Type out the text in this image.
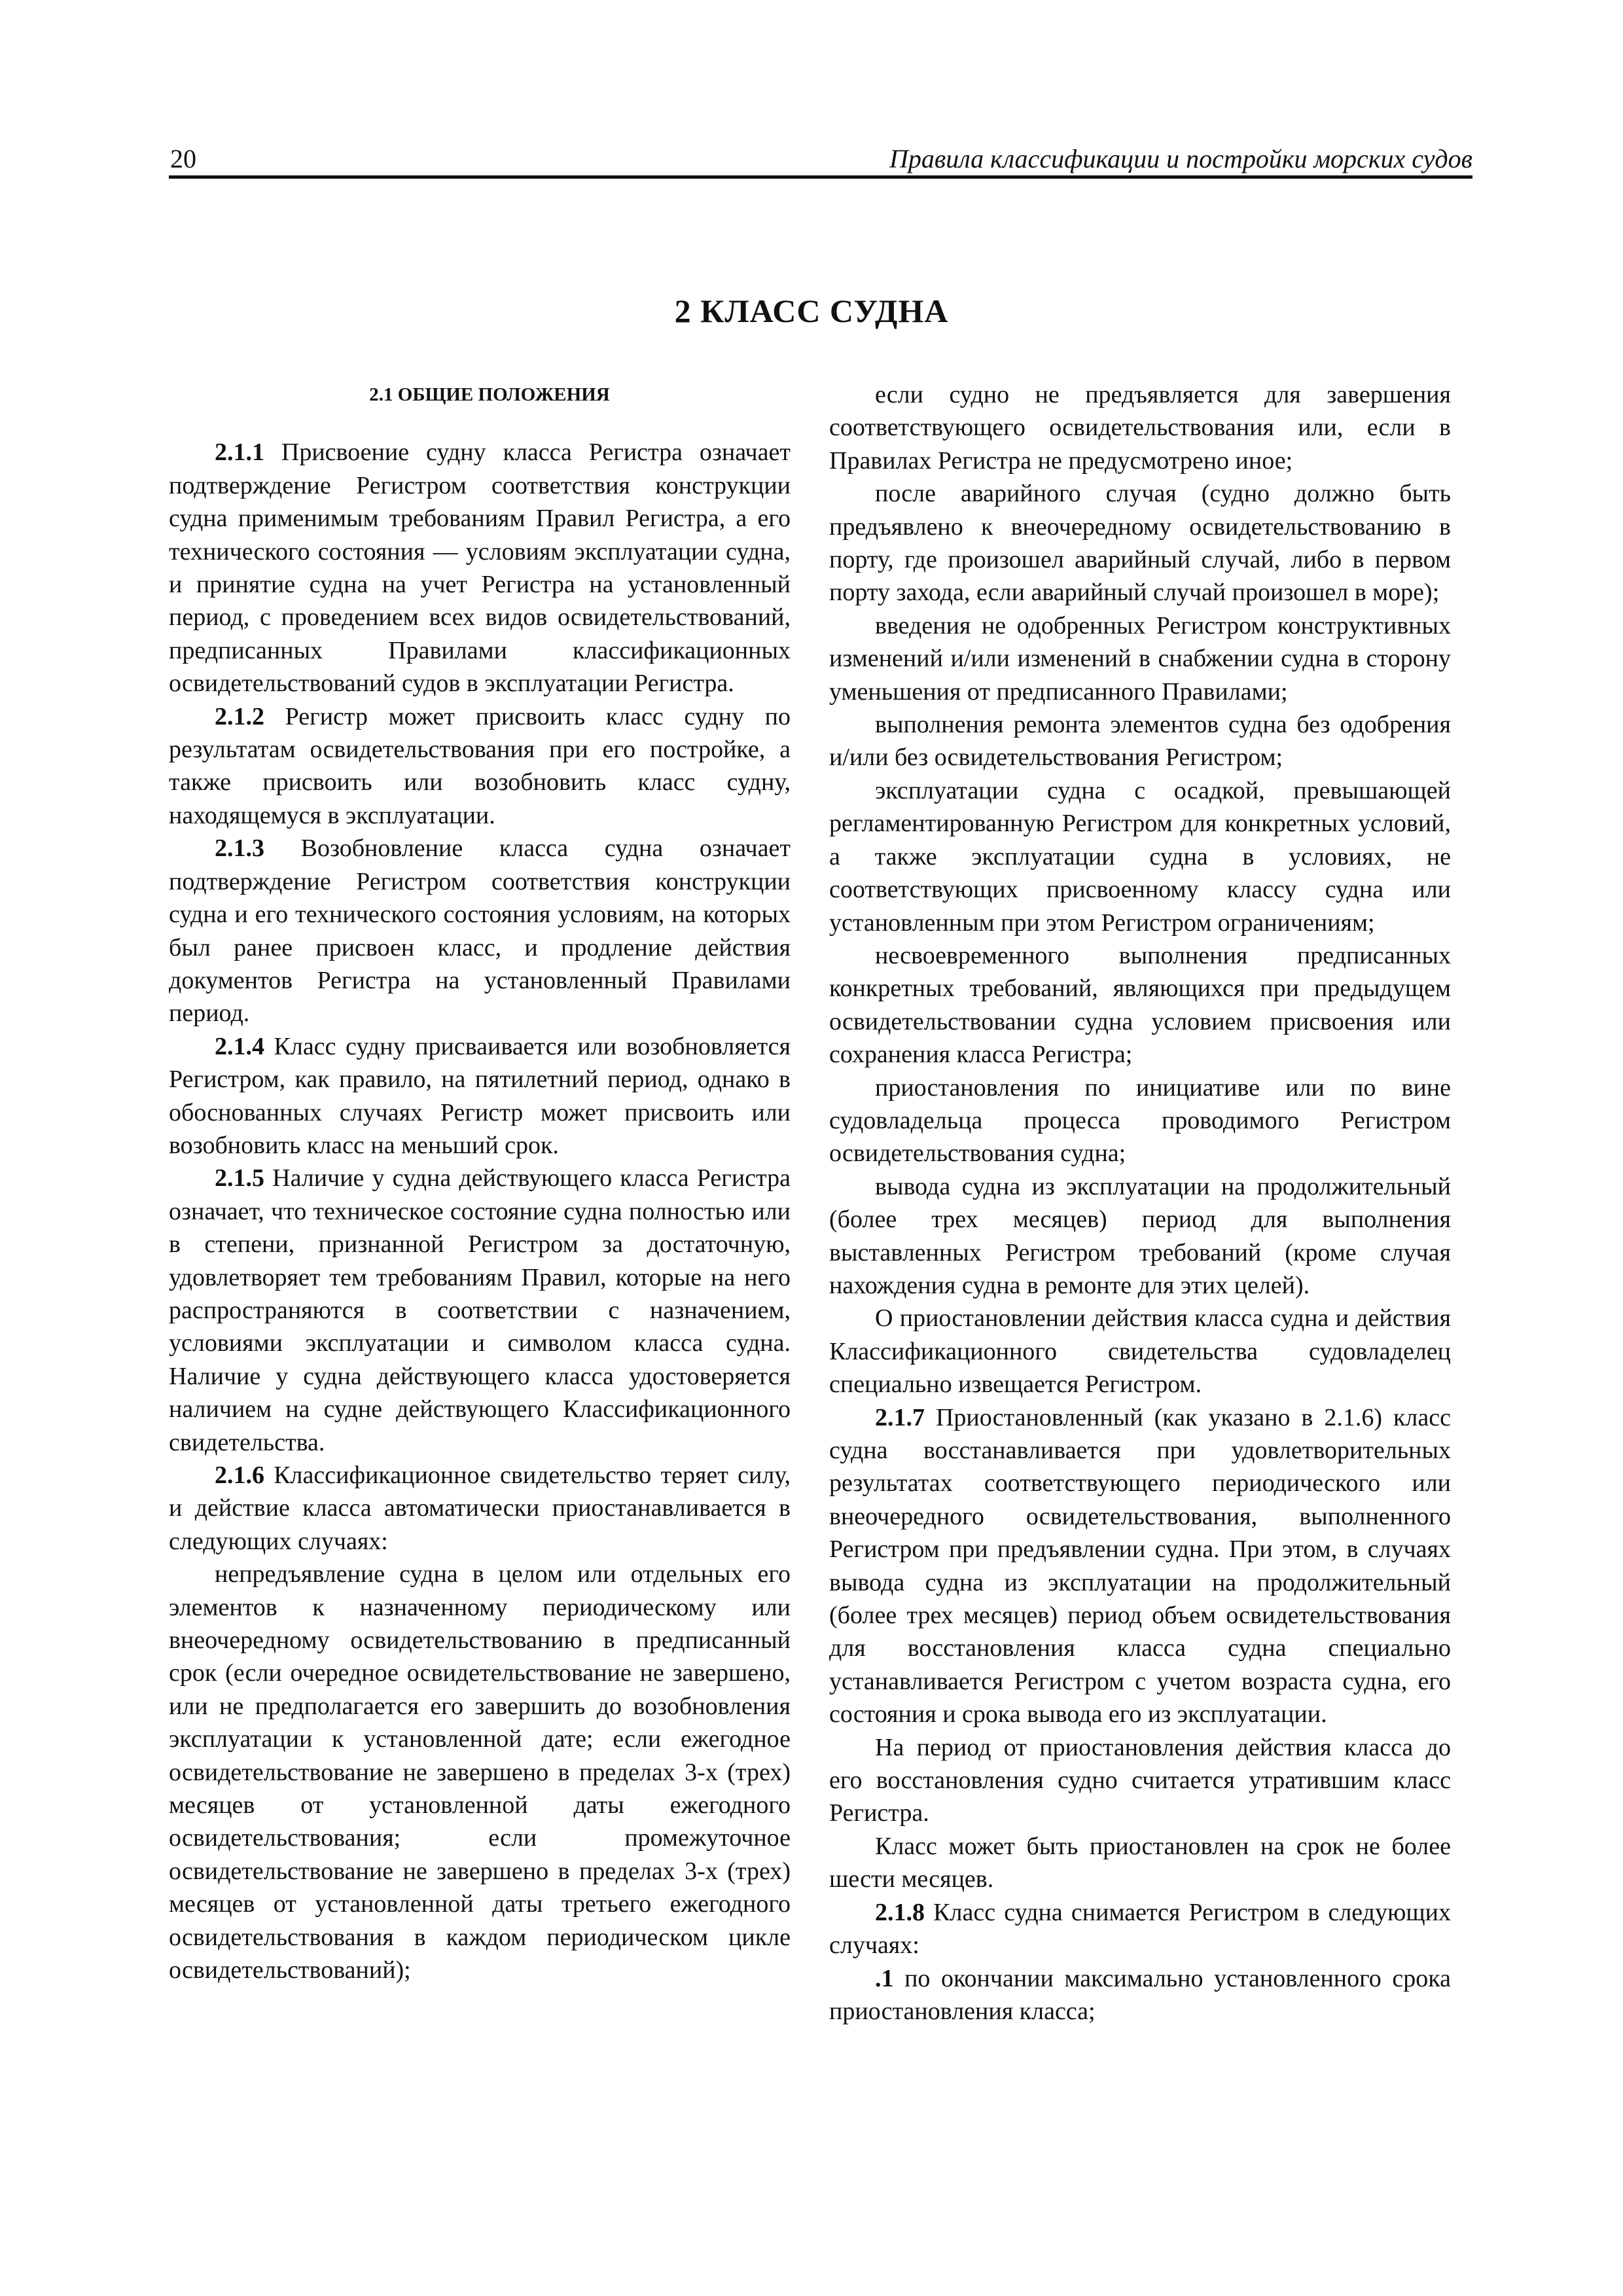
20	Правила классификации и постройки морских судов
2 КЛАСС СУДНА
2.1 ОБЩИЕ ПОЛОЖЕНИЯ

2.1.1 Присвоение судну класса Регистра означает подтверждение Регистром соответствия конструкции судна применимым требованиям Правил Регистра, а его технического состояния — условиям эксплуатации судна, и принятие судна на учет Регистра на установленный период, с проведением всех видов освидетельствований, предписанных Правилами классификационных освидетельствований судов в эксплуатации Регистра.

2.1.2 Регистр может присвоить класс судну по результатам освидетельствования при его постройке, а также присвоить или возобновить класс судну, находящемуся в эксплуатации.

2.1.3 Возобновление класса судна означает подтверждение Регистром соответствия конструкции судна и его технического состояния условиям, на которых был ранее присвоен класс, и продление действия документов Регистра на установленный Правилами период.

2.1.4 Класс судну присваивается или возобновляется Регистром, как правило, на пятилетний период, однако в обоснованных случаях Регистр может присвоить или возобновить класс на меньший срок.

2.1.5 Наличие у судна действующего класса Регистра означает, что техническое состояние судна полностью или в степени, признанной Регистром за достаточную, удовлетворяет тем требованиям Правил, которые на него распространяются в соответствии с назначением, условиями эксплуатации и символом класса судна. Наличие у судна действующего класса удостоверяется наличием на судне действующего Классификационного свидетельства.

2.1.6 Классификационное свидетельство теряет силу, и действие класса автоматически приостанавливается в следующих случаях:

непредъявление судна в целом или отдельных его элементов к назначенному периодическому или внеочередному освидетельствованию в предписанный срок (если очередное освидетельствование не завершено, или не предполагается его завершить до возобновления эксплуатации к установленной дате; если ежегодное освидетельствование не завершено в пределах 3-х (трех) месяцев от установленной даты ежегодного освидетельствования; если промежуточное освидетельствование не завершено в пределах 3-х (трех) месяцев от установленной даты третьего ежегодного освидетельствования в каждом периодическом цикле освидетельствований);

если судно не предъявляется для завершения соответствующего освидетельствования или, если в Правилах Регистра не предусмотрено иное;

после аварийного случая (судно должно быть предъявлено к внеочередному освидетельствованию в порту, где произошел аварийный случай, либо в первом порту захода, если аварийный случай произошел в море);

введения не одобренных Регистром конструктивных изменений и/или изменений в снабжении судна в сторону уменьшения от предписанного Правилами;

выполнения ремонта элементов судна без одобрения и/или без освидетельствования Регистром;

эксплуатации судна с осадкой, превышающей регламентированную Регистром для конкретных условий, а также эксплуатации судна в условиях, не соответствующих присвоенному классу судна или установленным при этом Регистром ограничениям;

несвоевременного выполнения предписанных конкретных требований, являющихся при предыдущем освидетельствовании судна условием присвоения или сохранения класса Регистра;

приостановления по инициативе или по вине судовладельца процесса проводимого Регистром освидетельствования судна;

вывода судна из эксплуатации на продолжительный (более трех месяцев) период для выполнения выставленных Регистром требований (кроме случая нахождения судна в ремонте для этих целей).

О приостановлении действия класса судна и действия Классификационного свидетельства судовладелец специально извещается Регистром.

2.1.7 Приостановленный (как указано в 2.1.6) класс судна восстанавливается при удовлетворительных результатах соответствующего периодического или внеочередного освидетельствования, выполненного Регистром при предъявлении судна. При этом, в случаях вывода судна из эксплуатации на продолжительный (более трех месяцев) период объем освидетельствования для восстановления класса судна специально устанавливается Регистром с учетом возраста судна, его состояния и срока вывода его из эксплуатации.

На период от приостановления действия класса до его восстановления судно считается утратившим класс Регистра.

Класс может быть приостановлен на срок не более шести месяцев.

2.1.8 Класс судна снимается Регистром в следующих случаях:

.1 по окончании максимально установленного срока приостановления класса;
